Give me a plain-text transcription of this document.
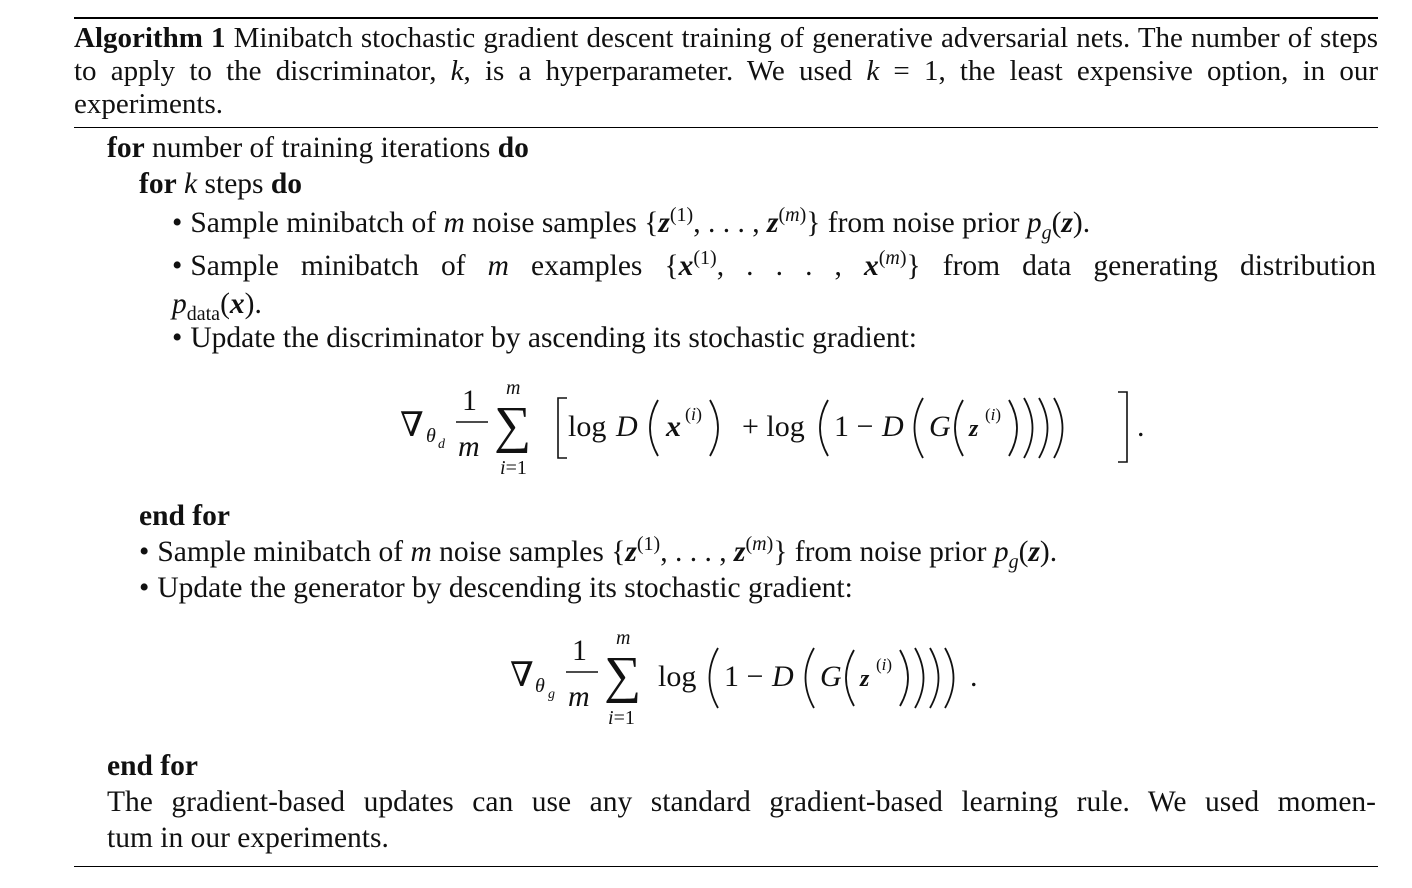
Algorithm 1 Minibatch stochastic gradient descent training of generative adversarial nets. The number of steps to apply to the discriminator, k, is a hyperparameter. We used k = 1, the least expensive option, in our experiments.
for number of training iterations do
for k steps do
• Sample minibatch of m noise samples {$z^{(1)}$, . . . , $z^{(m)}$} from noise prior $p_g(z)$.
• Sample minibatch of m examples {$x^{(1)}$, . . . , $x^{(m)}$} from data generating distribution
$p_{data}(x)$.
• Update the discriminator by ascending its stochastic gradient:
∇ θ d
1
m
m
∑
i=1
log D x (i) + log 1 − D G z
(i)	.
end for
• Sample minibatch of m noise samples {$z^{(1)}$, . . . , $z^{(m)}$} from noise prior $p_g(z)$.
• Update the generator by descending its stochastic gradient:
∇ θ g
1
m
m
∑
i=1
log 1 − D G z
(i)	.
end for
The gradient-based updates can use any standard gradient-based learning rule. We used momen-
tum in our experiments.
